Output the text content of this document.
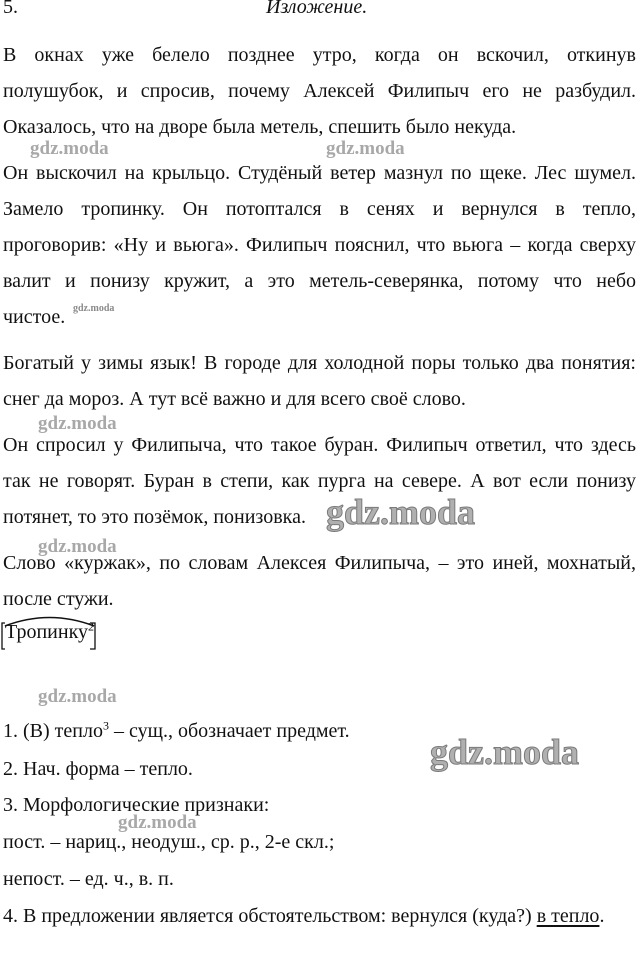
5.	Изложение.
В окнах уже белело позднее утро, когда он вскочил, откинув
полушубок, и спросив, почему Алексей Филипыч его не разбудил.
Оказалось, что на дворе была метель, спешить было некуда.
Он выскочил на крыльцо. Студёный ветер мазнул по щеке. Лес шумел.
Замело тропинку. Он потоптался в сенях и вернулся в тепло,
проговорив: «Ну и вьюга». Филипыч пояснил, что вьюга – когда сверху
валит и понизу кружит, а это метель-северянка, потому что небо
чистое.
Богатый у зимы язык! В городе для холодной поры только два понятия:
снег да мороз. А тут всё важно и для всего своё слово.
Он спросил у Филипыча, что такое буран. Филипыч ответил, что здесь
так не говорят. Буран в степи, как пурга на севере. А вот если понизу
потянет, то это позёмок, понизовка.
Слово «куржак», по словам Алексея Филипыча, – это иней, мохнатый,
после стужи.
Тропинку$^2$
1. (В) тепло$^3$ – сущ., обозначает предмет.
2. Нач. форма – тепло.
3. Морфологические признаки:
пост. – нариц., неодуш., ср. р., 2-е скл.;
непост. – ед. ч., в. п.
4. В предложении является обстоятельством: вернулся (куда?) в тепло.
gdz.moda	gdz.moda
gdz.moda
gdz.moda
gdz.moda
gdz.moda
gdz.moda
gdz.moda
gdz.moda
